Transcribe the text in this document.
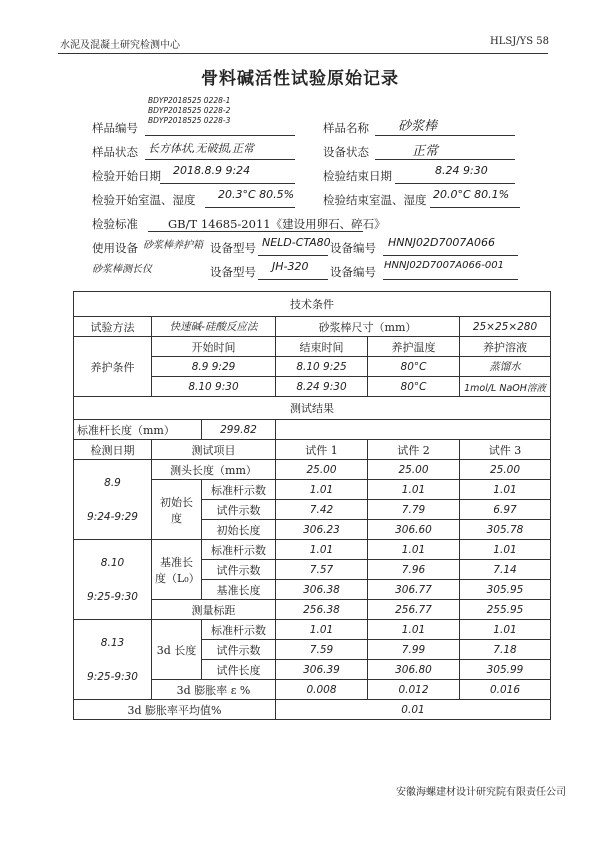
水泥及混凝土研究检测中心	HLSJ/YS 58
骨料碱活性试验原始记录
BDYP2018525 0228-1
BDYP2018525 0228-2
BDYP2018525 0228-3
样品编号	样品名称 砂浆棒
样品状态 长方体状,无破损,正常	设备状态	正常
检验开始日期 2018.8.9 9:24	检验结束日期	8.24 9:30
检验开始室温、湿度 20.3°C 80.5%	检验结束室温、湿度 20.0°C 80.1%
检验标准	GB/T 14685-2011《建设用卵石、碎石》
使用设备 砂浆棒养护箱 设备型号 NELD-CTA80 设备编号 HNNJ02D7007A066
砂浆棒测长仪	设备型号 JH-320 设备编号 HNNJ02D7007A066-001
技术条件					
试验方法	快速碱-硅酸反应法		砂浆棒尺寸（mm）		25×25×280
养护条件	开始时间		结束时间	养护温度	养护溶液
	8.9 9:29		8.10 9:25	80°C	蒸馏水
	8.10 9:30		8.24 9:30	80°C	1mol/L NaOH溶液
测试结果					
标准杆长度（mm）		299.82			
检测日期	测试项目		试件 1	试件 2	试件 3

8.9
9:24-9:29	测头长度（mm）		25.00	25.00	25.00
	初始长度	标准杆示数	1.01	1.01	1.01
		试件示数	7.42	7.79	6.97
		初始长度	306.23	306.60	305.78

8.10
9:25-9:30	基准长度（L₀）	标准杆示数	1.01	1.01	1.01
		试件示数	7.57	7.96	7.14
		基准长度	306.38	306.77	305.95
	测量标距		256.38	256.77	255.95

8.13
9:25-9:30	3d 长度	标准杆示数	1.01	1.01	1.01
		试件示数	7.59	7.99	7.18
		试件长度	306.39	306.80	305.99
	3d 膨胀率 ε %		0.008	0.012	0.016
3d 膨胀率平均值%			0.01		
安徽海螺建材设计研究院有限责任公司
